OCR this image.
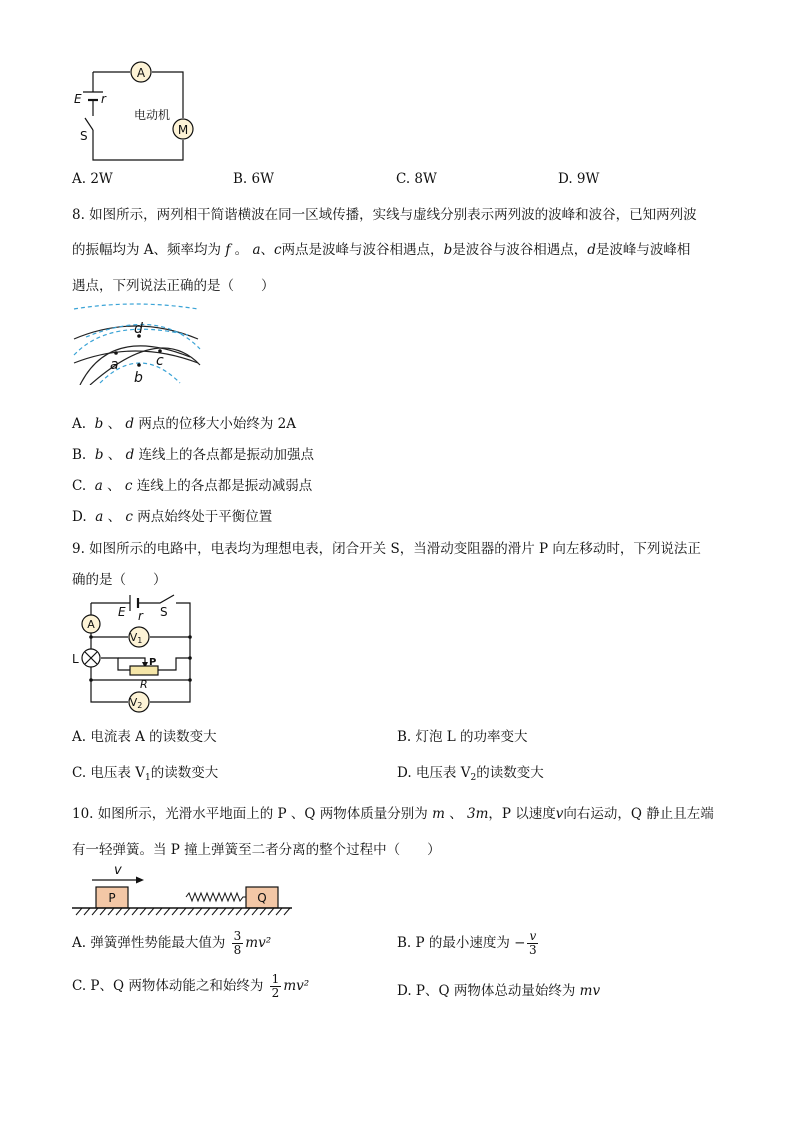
A
M
E r
S
电动机
A. 2W	B. 6W	C. 8W	D. 9W
8. 如图所示，两列相干简谐横波在同一区域传播，实线与虚线分别表示两列波的波峰和波谷，已知两列波
的振幅均为 A、频率均为 f 。 a、c两点是波峰与波谷相遇点，b是波谷与波谷相遇点，d是波峰与波峰相
遇点，下列说法正确的是（　　）
d
a	c
b
A. b 、 d 两点的位移大小始终为 2A
B. b 、 d 连线上的各点都是振动加强点
C. a 、 c 连线上的各点都是振动减弱点
D. a 、 c 两点始终处于平衡位置
9. 如图所示的电路中，电表均为理想电表，闭合开关 S，当滑动变阻器的滑片 P 向左移动时，下列说法正
确的是（　　）
E r S
A
V1
L	P
R
V2
A. 电流表 A 的读数变大	B. 灯泡 L 的功率变大
C. 电压表 $V_1$的读数变大	D. 电压表 $V_2$的读数变大
10. 如图所示，光滑水平地面上的 P 、Q 两物体质量分别为 m 、 3m，P 以速度v向右运动，Q 静止且左端
有一轻弹簧。当 P 撞上弹簧至二者分离的整个过程中（　　）
v
P	Q
A. 弹簧弹性势能最大值为 $\frac{3}{8} mv^2$	B. P 的最小速度为 − $\frac{v}{3}$
C. P、Q 两物体动能之和始终为 $\frac{1}{2} mv^2$	D. P、Q 两物体总动量始终为 mv
